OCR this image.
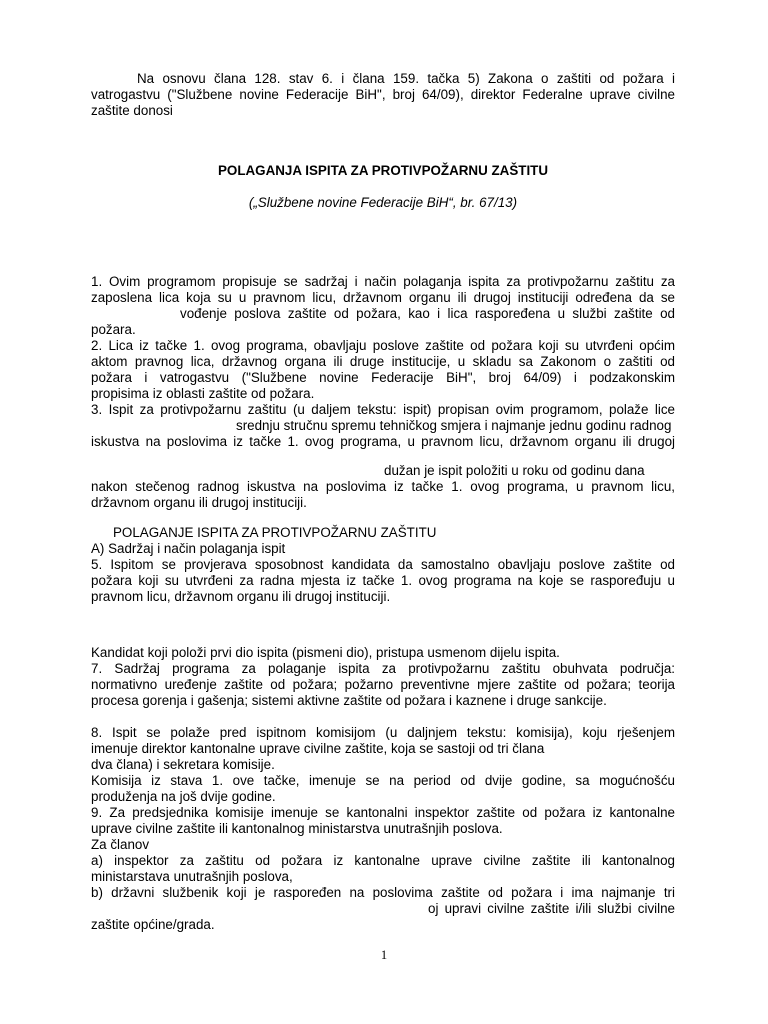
Na osnovu člana 128. stav 6. i člana 159. tačka 5) Zakona o zaštiti od požara i
vatrogastvu ("Službene novine Federacije BiH", broj 64/09), direktor Federalne uprave civilne
zaštite donosi
POLAGANJA ISPITA ZA PROTIVPOŽARNU ZAŠTITU
(„Službene novine Federacije BiH“, br. 67/13)
1. Ovim programom propisuje se sadržaj i način polaganja ispita za protivpožarnu zaštitu za
zaposlena lica koja su u pravnom licu, državnom organu ili drugoj instituciji određena da se
vođenje poslova zaštite od požara, kao i lica raspoređena u službi zaštite od
požara.
2. Lica iz tačke 1. ovog programa, obavljaju poslove zaštite od požara koji su utvrđeni općim
aktom pravnog lica, državnog organa ili druge institucije, u skladu sa Zakonom o zaštiti od
požara i vatrogastvu ("Službene novine Federacije BiH", broj 64/09) i podzakonskim
propisima iz oblasti zaštite od požara.
3. Ispit za protivpožarnu zaštitu (u daljem tekstu: ispit) propisan ovim programom, polaže lice
srednju stručnu spremu tehničkog smjera i najmanje jednu godinu radnog
iskustva na poslovima iz tačke 1. ovog programa, u pravnom licu, državnom organu ili drugoj
dužan je ispit položiti u roku od godinu dana
nakon stečenog radnog iskustva na poslovima iz tačke 1. ovog programa, u pravnom licu,
državnom organu ili drugoj instituciji.
POLAGANJE ISPITA ZA PROTIVPOŽARNU ZAŠTITU
A) Sadržaj i način polaganja ispit
5. Ispitom se provjerava sposobnost kandidata da samostalno obavljaju poslove zaštite od
požara koji su utvrđeni za radna mjesta iz tačke 1. ovog programa na koje se raspoređuju u
pravnom licu, državnom organu ili drugoj instituciji.
Kandidat koji položi prvi dio ispita (pismeni dio), pristupa usmenom dijelu ispita.
7. Sadržaj programa za polaganje ispita za protivpožarnu zaštitu obuhvata područja:
normativno uređenje zaštite od požara; požarno preventivne mjere zaštite od požara; teorija
procesa gorenja i gašenja; sistemi aktivne zaštite od požara i kaznene i druge sankcije.
8. Ispit se polaže pred ispitnom komisijom (u daljnjem tekstu: komisija), koju rješenjem
imenuje direktor kantonalne uprave civilne zaštite, koja se sastoji od tri člana
dva člana) i sekretara komisije.
Komisija iz stava 1. ove tačke, imenuje se na period od dvije godine, sa mogućnošću
produženja na još dvije godine.
9. Za predsjednika komisije imenuje se kantonalni inspektor zaštite od požara iz kantonalne
uprave civilne zaštite ili kantonalnog ministarstva unutrašnjih poslova.
Za članov
a) inspektor za zaštitu od požara iz kantonalne uprave civilne zaštite ili kantonalnog
ministarstava unutrašnjih poslova,
b) državni službenik koji je raspoređen na poslovima zaštite od požara i ima najmanje tri
oj upravi civilne zaštite i/ili službi civilne
zaštite općine/grada.
1
